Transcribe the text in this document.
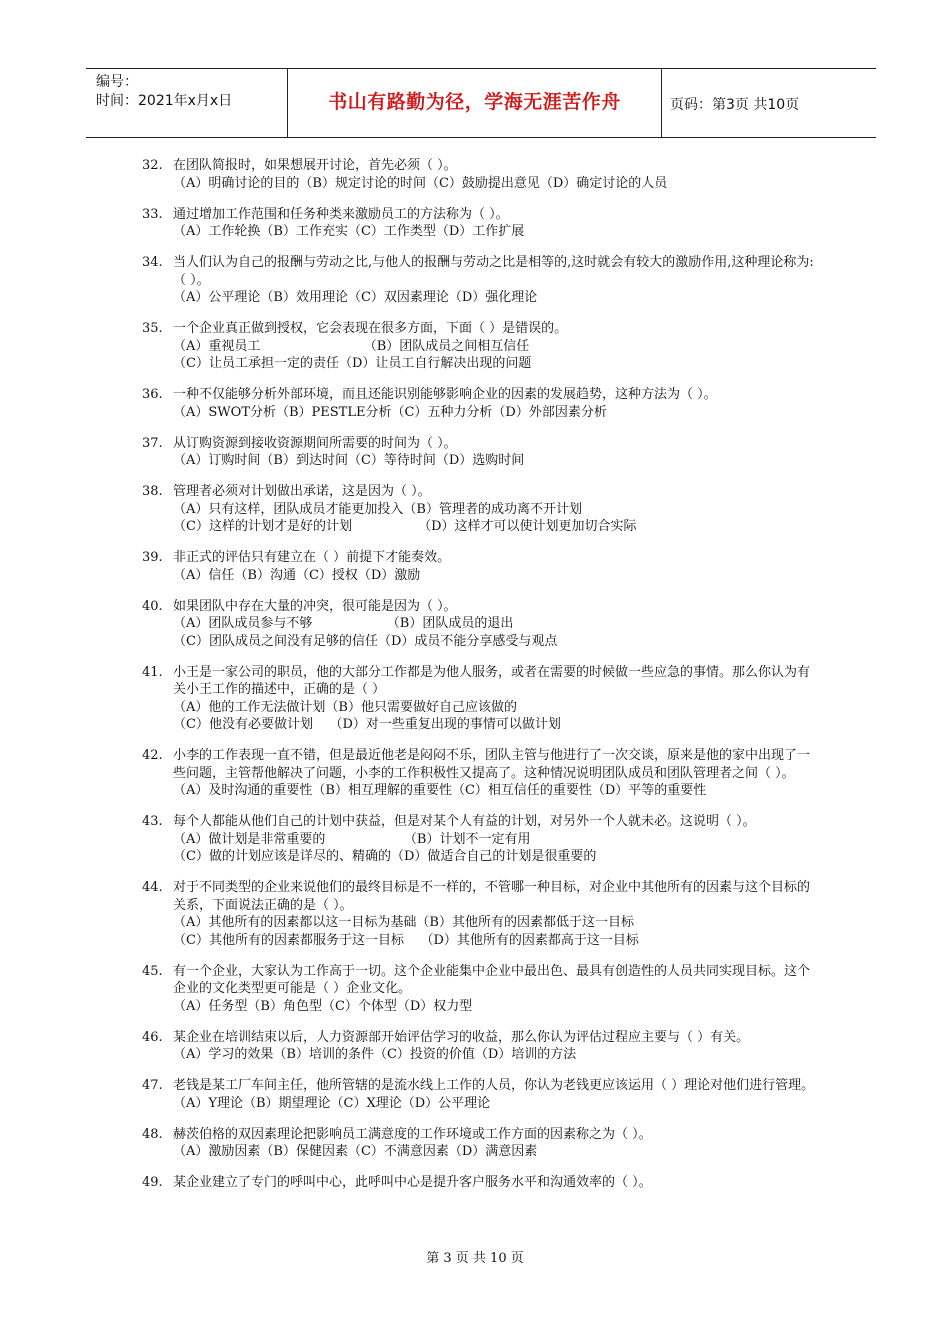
编号：
时间：2021年x月x日	书山有路勤为径，学海无涯苦作舟	页码：第3页 共10页
32. 在团队简报时，如果想展开讨论，首先必须（ ）。
（A）明确讨论的目的（B）规定讨论的时间（C）鼓励提出意见（D）确定讨论的人员
33. 通过增加工作范围和任务种类来激励员工的方法称为（ ）。
（A）工作轮换（B）工作充实（C）工作类型（D）工作扩展
34. 当人们认为自己的报酬与劳动之比,与他人的报酬与劳动之比是相等的,这时就会有较大的激励作用,这种理论称为:（ ）。
（A）公平理论（B）效用理论（C）双因素理论（D）强化理论
35. 一个企业真正做到授权，它会表现在很多方面，下面（ ）是错误的。
（A）重视员工                         （B）团队成员之间相互信任
（C）让员工承担一定的责任（D）让员工自行解决出现的问题
36. 一种不仅能够分析外部环境，而且还能识别能够影响企业的因素的发展趋势，这种方法为（ ）。
（A）SWOT分析（B）PESTLE分析（C）五种力分析（D）外部因素分析
37. 从订购资源到接收资源期间所需要的时间为（ ）。
（A）订购时间（B）到达时间（C）等待时间（D）选购时间
38. 管理者必须对计划做出承诺，这是因为（ ）。
（A）只有这样，团队成员才能更加投入（B）管理者的成功离不开计划
（C）这样的计划才是好的计划                （D）这样才可以使计划更加切合实际
39. 非正式的评估只有建立在（ ）前提下才能奏效。
（A）信任（B）沟通（C）授权（D）激励
40. 如果团队中存在大量的冲突，很可能是因为（ ）。
（A）团队成员参与不够                  （B）团队成员的退出
（C）团队成员之间没有足够的信任（D）成员不能分享感受与观点
41. 小王是一家公司的职员，他的大部分工作都是为他人服务，或者在需要的时候做一些应急的事情。那么你认为有关小王工作的描述中，正确的是（ ）
（A）他的工作无法做计划（B）他只需要做好自己应该做的
（C）他没有必要做计划    （D）对一些重复出现的事情可以做计划
42. 小李的工作表现一直不错，但是最近他老是闷闷不乐，团队主管与他进行了一次交谈，原来是他的家中出现了一些问题，主管帮他解决了问题，小李的工作积极性又提高了。这种情况说明团队成员和团队管理者之间（ ）。
（A）及时沟通的重要性（B）相互理解的重要性（C）相互信任的重要性（D）平等的重要性
43. 每个人都能从他们自己的计划中获益，但是对某个人有益的计划，对另外一个人就未必。这说明（ ）。
（A）做计划是非常重要的                   （B）计划不一定有用
（C）做的计划应该是详尽的、精确的（D）做适合自己的计划是很重要的
44. 对于不同类型的企业来说他们的最终目标是不一样的，不管哪一种目标，对企业中其他所有的因素与这个目标的关系，下面说法正确的是（ ）。
（A）其他所有的因素都以这一目标为基础（B）其他所有的因素都低于这一目标
（C）其他所有的因素都服务于这一目标    （D）其他所有的因素都高于这一目标
45. 有一个企业，大家认为工作高于一切。这个企业能集中企业中最出色、最具有创造性的人员共同实现目标。这个企业的文化类型更可能是（ ）企业文化。
（A）任务型（B）角色型（C）个体型（D）权力型
46. 某企业在培训结束以后，人力资源部开始评估学习的收益，那么你认为评估过程应主要与（ ）有关。
（A）学习的效果（B）培训的条件（C）投资的价值（D）培训的方法
47. 老钱是某工厂车间主任，他所管辖的是流水线上工作的人员，你认为老钱更应该运用（ ）理论对他们进行管理。
（A）Y理论（B）期望理论（C）X理论（D）公平理论
48. 赫茨伯格的双因素理论把影响员工满意度的工作环境或工作方面的因素称之为（ ）。
（A）激励因素（B）保健因素（C）不满意因素（D）满意因素
49. 某企业建立了专门的呼叫中心，此呼叫中心是提升客户服务水平和沟通效率的（ ）。
第 3 页 共 10 页
